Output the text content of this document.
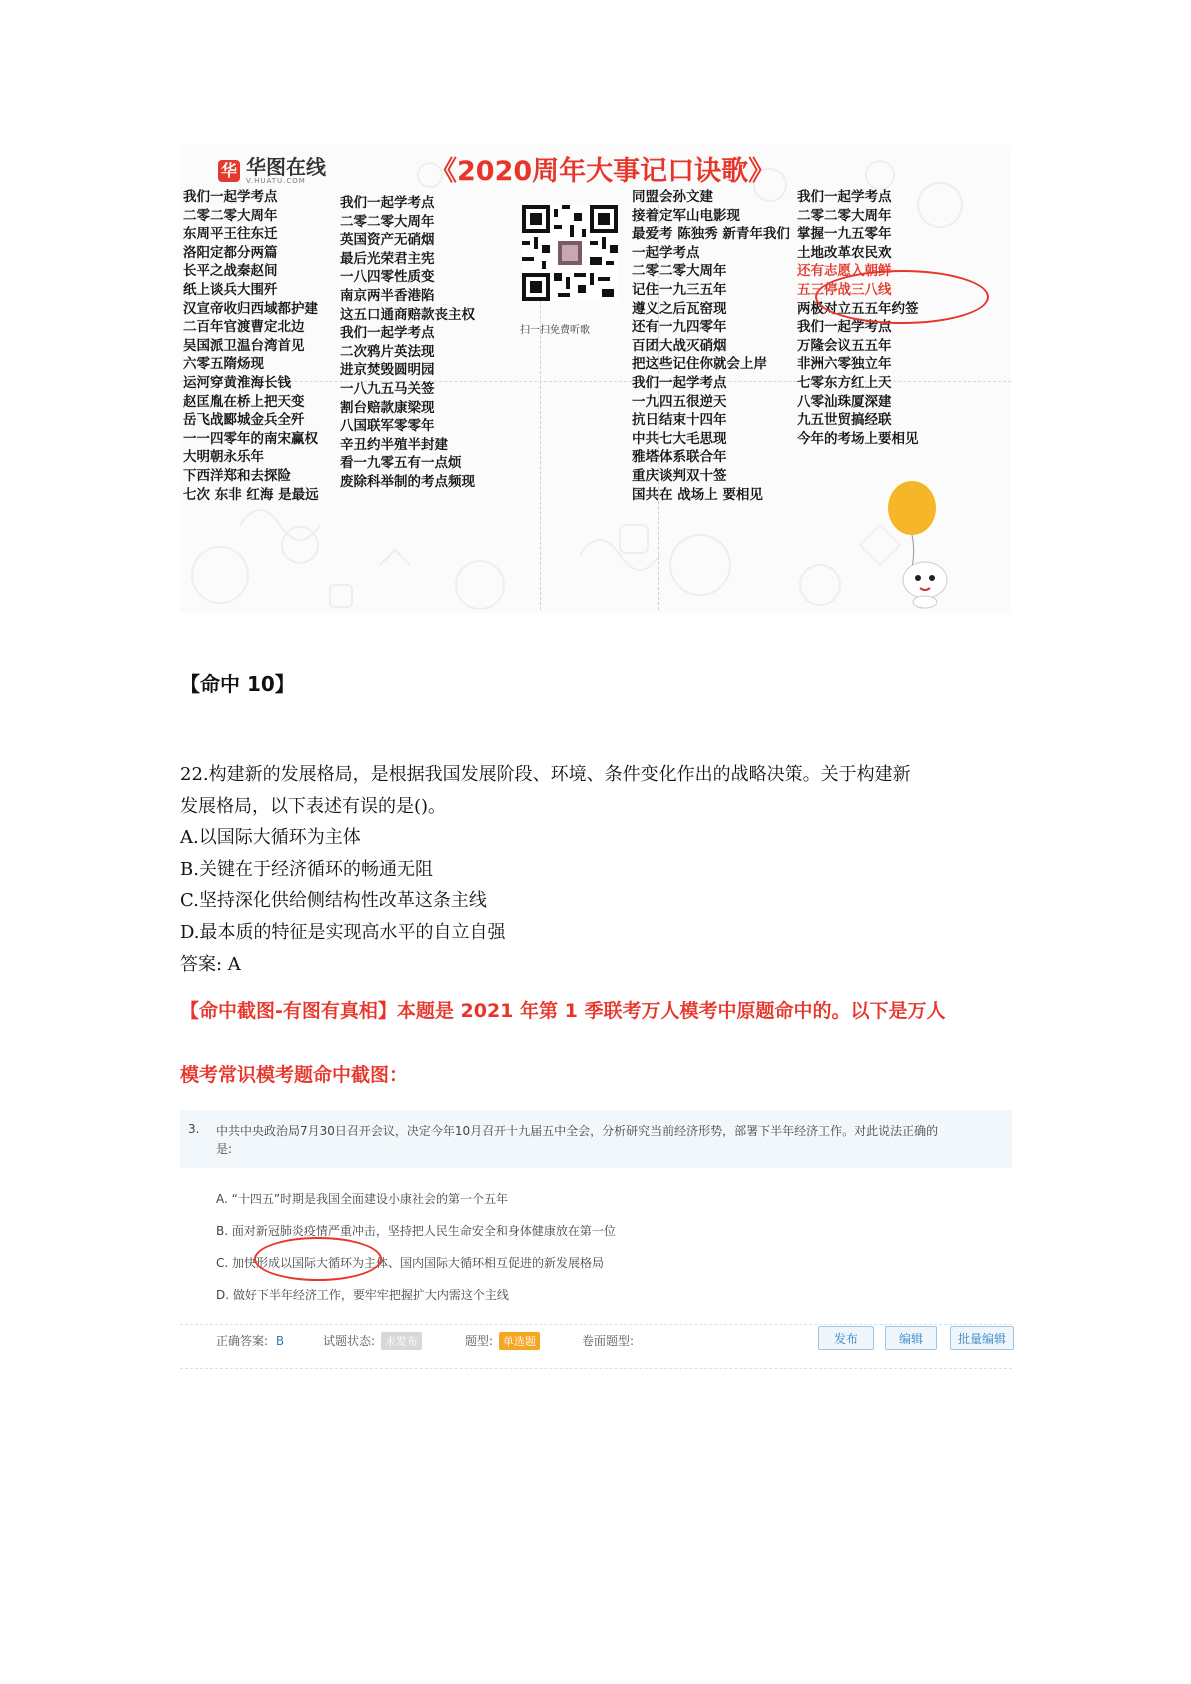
华 华图在线
V.HUATU.COM	《2020周年大事记口诀歌》
我们一起学考点
二零二零大周年
东周平王往东迁
洛阳定都分两篇
长平之战秦赵间
纸上谈兵大围歼
汉宣帝收归西域都护建
二百年官渡曹定北边
吴国派卫温台湾首见
六零五隋炀现
运河穿黄淮海长钱
赵匡胤在桥上把天变
岳飞战郾城金兵全歼
一一四零年的南宋赢权
大明朝永乐年
下西洋郑和去探险
七次 东非 红海 是最远
我们一起学考点
二零二零大周年
英国资产无硝烟
最后光荣君主宪
一八四零性质变
南京两半香港陷
这五口通商赔款丧主权
我们一起学考点
二次鸦片英法现
进京焚毁圆明园
一八九五马关签
割台赔款康梁现
八国联军零零年
辛丑约半殖半封建
看一九零五有一点烦
废除科举制的考点频现
同盟会孙文建
接着定军山电影现
最爱考 陈独秀 新青年我们
一起学考点
二零二零大周年
记住一九三五年
遵义之后瓦窑现
还有一九四零年
百团大战灭硝烟
把这些记住你就会上岸
我们一起学考点
一九四五很逆天
抗日结束十四年
中共七大毛思现
雅塔体系联合年
重庆谈判双十签
国共在 战场上 要相见
我们一起学考点
二零二零大周年
掌握一九五零年
土地改革农民欢
还有志愿入朝鲜
五三停战三八线
两极对立五五年约签
我们一起学考点
万隆会议五五年
非洲六零独立年
七零东方红上天
八零汕珠厦深建
九五世贸搞经联
今年的考场上要相见
扫一扫免费听歌
【命中 10】
22.构建新的发展格局，是根据我国发展阶段、环境、条件变化作出的战略决策。关于构建新
发展格局，以下表述有误的是()。
A.以国际大循环为主体
B.关键在于经济循环的畅通无阻
C.坚持深化供给侧结构性改革这条主线
D.最本质的特征是实现高水平的自立自强
答案: A
【命中截图-有图有真相】本题是 2021 年第 1 季联考万人模考中原题命中的。以下是万人
模考常识模考题命中截图：
3. 中共中央政治局7月30日召开会议，决定今年10月召开十九届五中全会，分析研究当前经济形势，部署下半年经济工作。对此说法正确的
是:
A. “十四五”时期是我国全面建设小康社会的第一个五年
B. 面对新冠肺炎疫情严重冲击，坚持把人民生命安全和身体健康放在第一位
C. 加快形成以国际大循环为主体、国内国际大循环相互促进的新发展格局
D. 做好下半年经济工作，要牢牢把握扩大内需这个主线
正确答案: B	试题状态: 未发布	题型: 单选题	卷面题型:	发布	编辑	批量编辑
